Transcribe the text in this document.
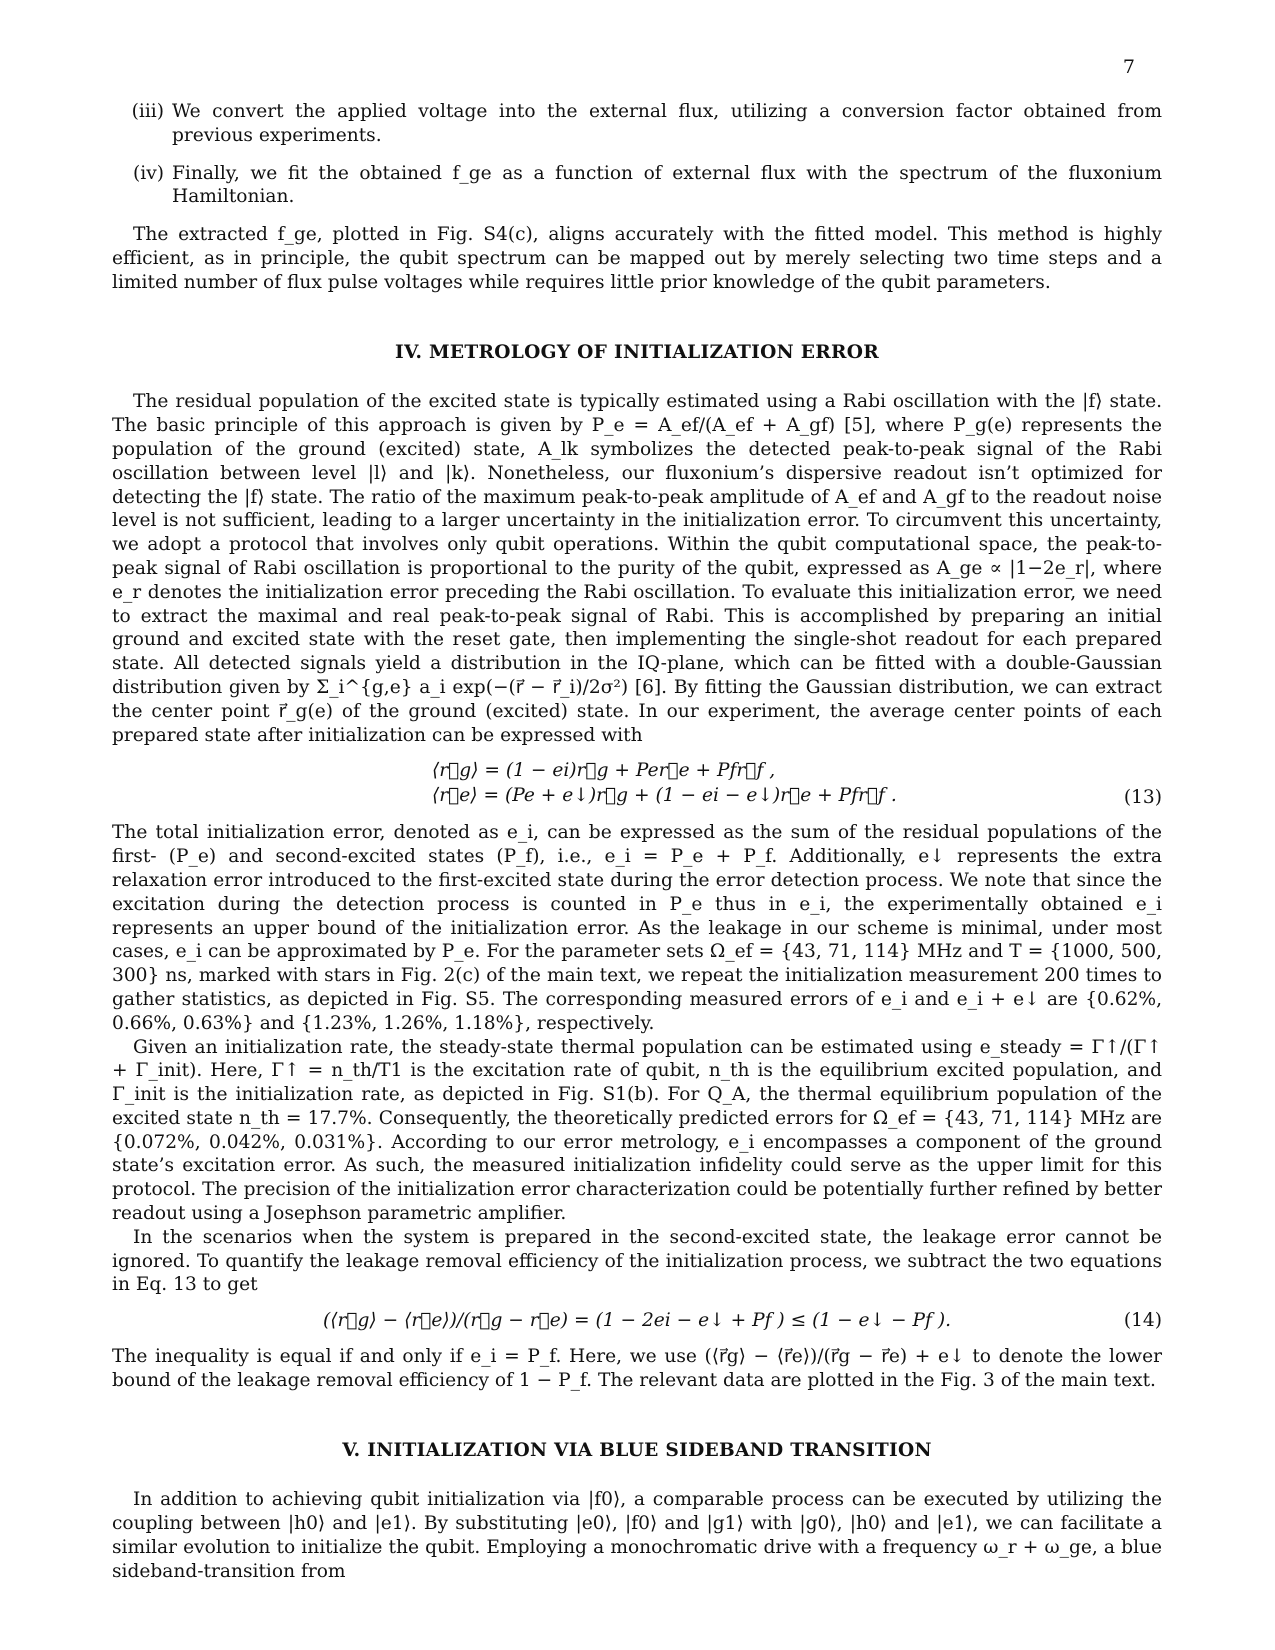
7
(iii) We convert the applied voltage into the external flux, utilizing a conversion factor obtained from previous experiments.
(iv) Finally, we fit the obtained f_ge as a function of external flux with the spectrum of the fluxonium Hamiltonian.

The extracted f_ge, plotted in Fig. S4(c), aligns accurately with the fitted model. This method is highly efficient, as in principle, the qubit spectrum can be mapped out by merely selecting two time steps and a limited number of flux pulse voltages while requires little prior knowledge of the qubit parameters.

IV. METROLOGY OF INITIALIZATION ERROR

The residual population of the excited state is typically estimated using a Rabi oscillation with the |f⟩ state. The basic principle of this approach is given by P_e = A_ef/(A_ef + A_gf) [5], where P_g(e) represents the population of the ground (excited) state, A_lk symbolizes the detected peak-to-peak signal of the Rabi oscillation between level |l⟩ and |k⟩. Nonetheless, our fluxonium’s dispersive readout isn’t optimized for detecting the |f⟩ state. The ratio of the maximum peak-to-peak amplitude of A_ef and A_gf to the readout noise level is not sufficient, leading to a larger uncertainty in the initialization error. To circumvent this uncertainty, we adopt a protocol that involves only qubit operations. Within the qubit computational space, the peak-to-peak signal of Rabi oscillation is proportional to the purity of the qubit, expressed as A_ge ∝ |1−2e_r|, where e_r denotes the initialization error preceding the Rabi oscillation. To evaluate this initialization error, we need to extract the maximal and real peak-to-peak signal of Rabi. This is accomplished by preparing an initial ground and excited state with the reset gate, then implementing the single-shot readout for each prepared state. All detected signals yield a distribution in the IQ-plane, which can be fitted with a double-Gaussian distribution given by Σ_i^{g,e} a_i exp(−(r⃗ − r⃗_i)/2σ²) [6]. By fitting the Gaussian distribution, we can extract the center point r⃗_g(e) of the ground (excited) state. In our experiment, the average center points of each prepared state after initialization can be expressed with

⟨r⃗g⟩ = (1 − ei)r⃗g + Per⃗e + Pfr⃗f ,
⟨r⃗e⟩ = (Pe + e↓)r⃗g + (1 − ei − e↓)r⃗e + Pfr⃗f .	(13)

The total initialization error, denoted as e_i, can be expressed as the sum of the residual populations of the first- (P_e) and second-excited states (P_f), i.e., e_i = P_e + P_f. Additionally, e↓ represents the extra relaxation error introduced to the first-excited state during the error detection process. We note that since the excitation during the detection process is counted in P_e thus in e_i, the experimentally obtained e_i represents an upper bound of the initialization error. As the leakage in our scheme is minimal, under most cases, e_i can be approximated by P_e. For the parameter sets Ω_ef = {43, 71, 114} MHz and T = {1000, 500, 300} ns, marked with stars in Fig. 2(c) of the main text, we repeat the initialization measurement 200 times to gather statistics, as depicted in Fig. S5. The corresponding measured errors of e_i and e_i + e↓ are {0.62%, 0.66%, 0.63%} and {1.23%, 1.26%, 1.18%}, respectively.

Given an initialization rate, the steady-state thermal population can be estimated using e_steady = Γ↑/(Γ↑ + Γ_init). Here, Γ↑ = n_th/T1 is the excitation rate of qubit, n_th is the equilibrium excited population, and Γ_init is the initialization rate, as depicted in Fig. S1(b). For Q_A, the thermal equilibrium population of the excited state n_th = 17.7%. Consequently, the theoretically predicted errors for Ω_ef = {43, 71, 114} MHz are {0.072%, 0.042%, 0.031%}. According to our error metrology, e_i encompasses a component of the ground state’s excitation error. As such, the measured initialization infidelity could serve as the upper limit for this protocol. The precision of the initialization error characterization could be potentially further refined by better readout using a Josephson parametric amplifier.

In the scenarios when the system is prepared in the second-excited state, the leakage error cannot be ignored. To quantify the leakage removal efficiency of the initialization process, we subtract the two equations in Eq. 13 to get

(⟨r⃗g⟩ − ⟨r⃗e⟩)/(r⃗g − r⃗e) = (1 − 2ei − e↓ + Pf ) ≤ (1 − e↓ − Pf ).	(14)

The inequality is equal if and only if e_i = P_f. Here, we use (⟨r⃗g⟩ − ⟨r⃗e⟩)/(r⃗g − r⃗e) + e↓ to denote the lower bound of the leakage removal efficiency of 1 − P_f. The relevant data are plotted in the Fig. 3 of the main text.

V. INITIALIZATION VIA BLUE SIDEBAND TRANSITION

In addition to achieving qubit initialization via |f0⟩, a comparable process can be executed by utilizing the coupling between |h0⟩ and |e1⟩. By substituting |e0⟩, |f0⟩ and |g1⟩ with |g0⟩, |h0⟩ and |e1⟩, we can facilitate a similar evolution to initialize the qubit. Employing a monochromatic drive with a frequency ω_r + ω_ge, a blue sideband-transition from
